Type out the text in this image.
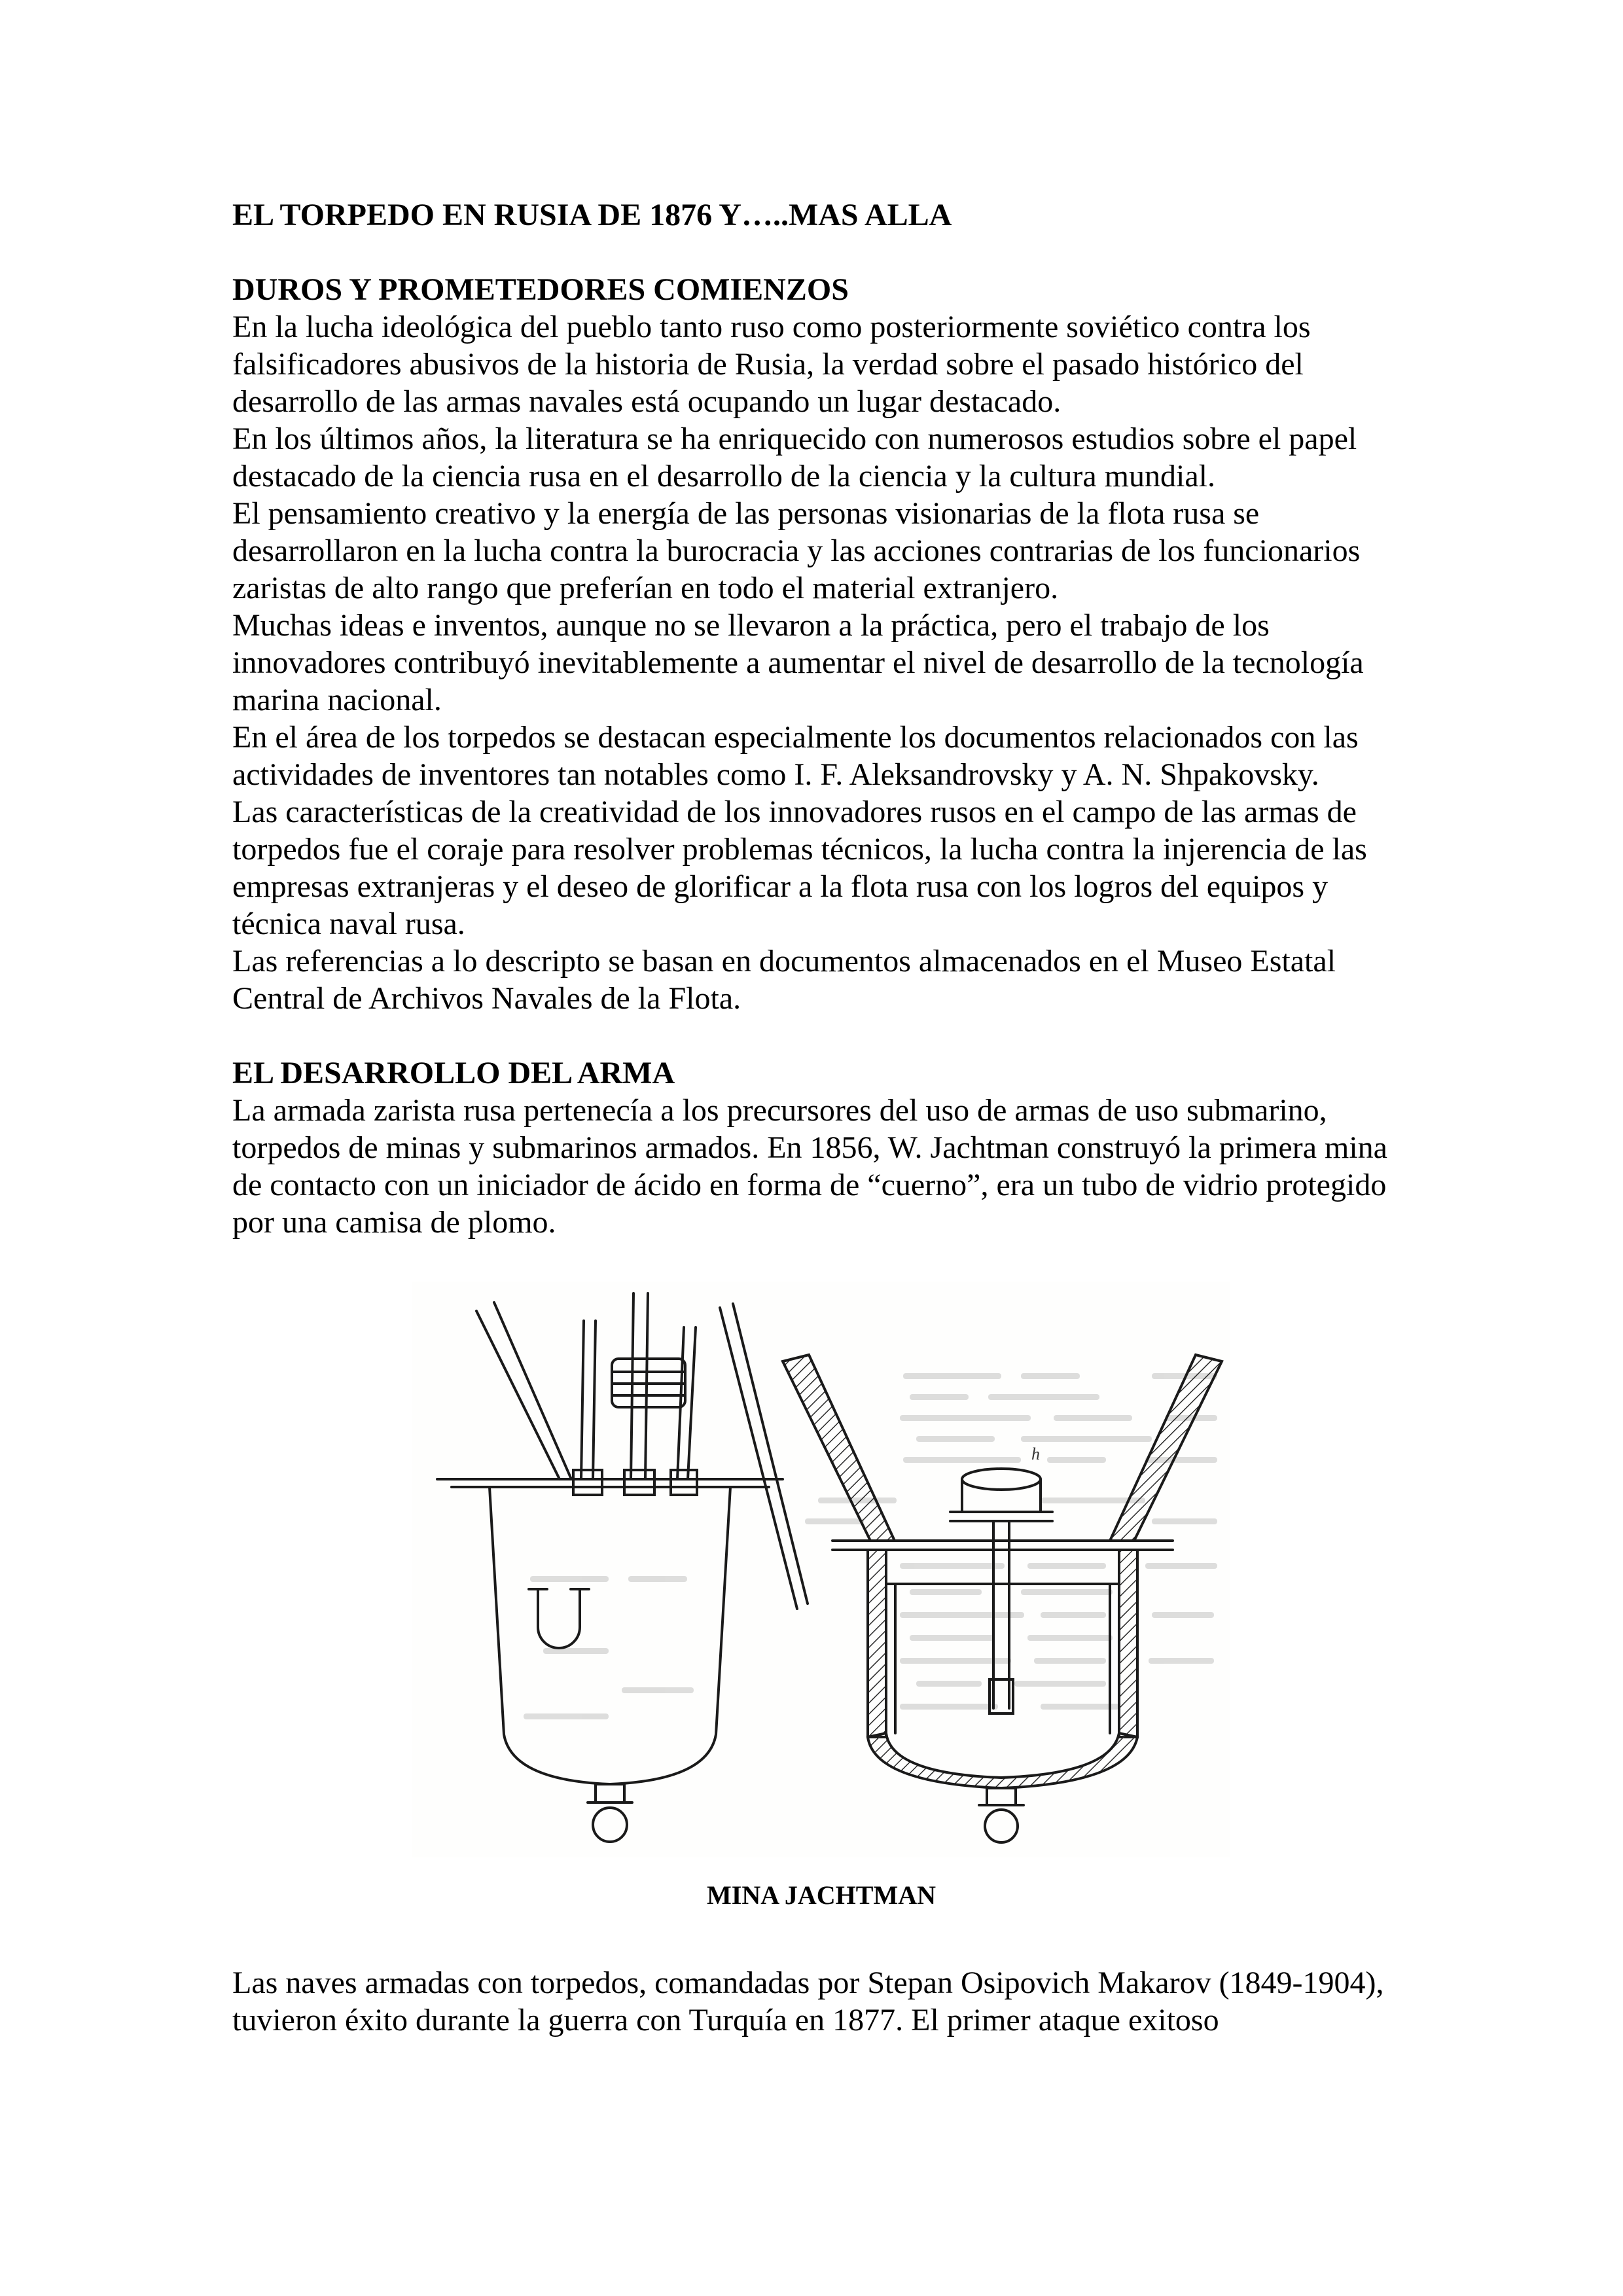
EL TORPEDO EN RUSIA DE 1876 Y…..MAS ALLA
DUROS Y PROMETEDORES COMIENZOS

En la lucha ideológica del pueblo tanto ruso como posteriormente soviético contra los falsificadores abusivos de la historia de Rusia, la verdad sobre el pasado histórico del desarrollo de las armas navales está ocupando un lugar destacado.

En los últimos años, la literatura se ha enriquecido con numerosos estudios sobre el papel destacado de la ciencia rusa en el desarrollo de la ciencia y la cultura mundial.

El pensamiento creativo y la energía de las personas visionarias de la flota rusa se desarrollaron en la lucha contra la burocracia y las acciones contrarias de los funcionarios zaristas de alto rango que preferían en todo el material extranjero.

Muchas ideas e inventos, aunque no se llevaron a la práctica, pero el trabajo de los innovadores contribuyó inevitablemente a aumentar el nivel de desarrollo de la tecnología marina nacional.

En el área de los torpedos se destacan especialmente los documentos relacionados con las actividades de inventores tan notables como I. F. Aleksandrovsky y A. N. Shpakovsky.

Las características de la creatividad de los innovadores rusos en el campo de las armas de torpedos fue el coraje para resolver problemas técnicos, la lucha contra la injerencia de las empresas extranjeras y el deseo de glorificar a la flota rusa con los logros del equipos y técnica naval rusa.

Las referencias a lo descripto se basan en documentos almacenados en el Museo Estatal Central de Archivos Navales de la Flota.

EL DESARROLLO DEL ARMA

La armada zarista rusa pertenecía a los precursores del uso de armas de uso submarino, torpedos de minas y submarinos armados. En 1856, W. Jachtman construyó la primera mina de contacto con un iniciador de ácido en forma de “cuerno”, era un tubo de vidrio protegido por una camisa de plomo.

h
MINA JACHTMAN

Las naves armadas con torpedos, comandadas por Stepan Osipovich Makarov (1849-1904), tuvieron éxito durante la guerra con Turquía en 1877. El primer ataque exitoso
